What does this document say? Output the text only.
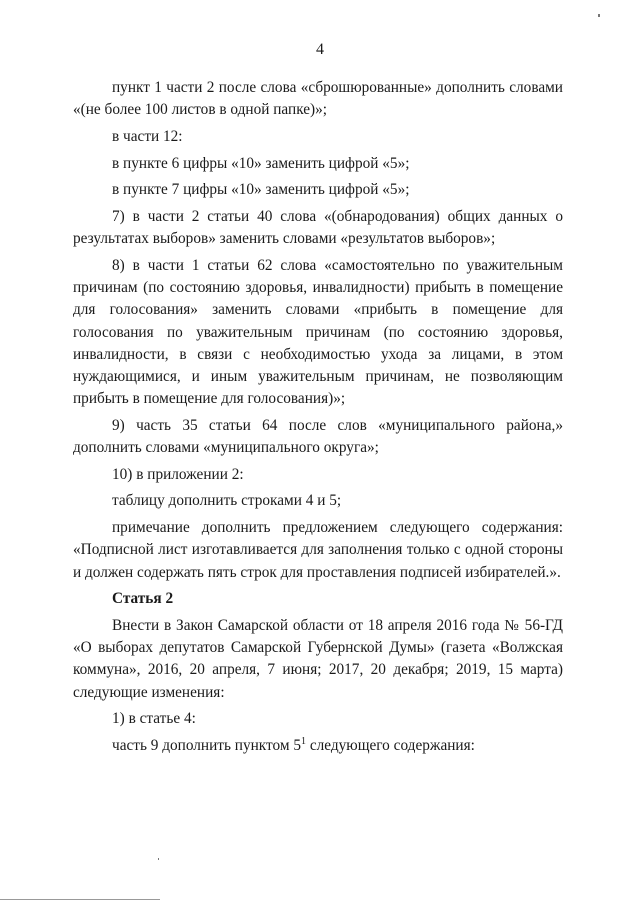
4

пункт 1 части 2 после слова «сброшюрованные» дополнить словами «(не более 100 листов в одной папке)»;

в части 12:

в пункте 6 цифры «10» заменить цифрой «5»;

в пункте 7 цифры «10» заменить цифрой «5»;

7) в части 2 статьи 40 слова «(обнародования) общих данных о результатах выборов» заменить словами «результатов выборов»;

8) в части 1 статьи 62 слова «самостоятельно по уважительным причинам (по состоянию здоровья, инвалидности) прибыть в помещение для голосования» заменить словами «прибыть в помещение для голосования по уважительным причинам (по состоянию здоровья, инвалидности, в связи с необходимостью ухода за лицами, в этом нуждающимися, и иным уважительным причинам, не позволяющим прибыть в помещение для голосования)»;

9) часть 35 статьи 64 после слов «муниципального района,» дополнить словами «муниципального округа»;

10) в приложении 2:

таблицу дополнить строками 4 и 5;

примечание дополнить предложением следующего содержания: «Подписной лист изготавливается для заполнения только с одной стороны и должен содержать пять строк для проставления подписей избирателей.».

Статья 2

Внести в Закон Самарской области от 18 апреля 2016 года № 56-ГД «О выборах депутатов Самарской Губернской Думы» (газета «Волжская коммуна», 2016, 20 апреля, 7 июня; 2017, 20 декабря; 2019, 15 марта) следующие изменения:

1) в статье 4:

часть 9 дополнить пунктом $5^1$ следующего содержания:
